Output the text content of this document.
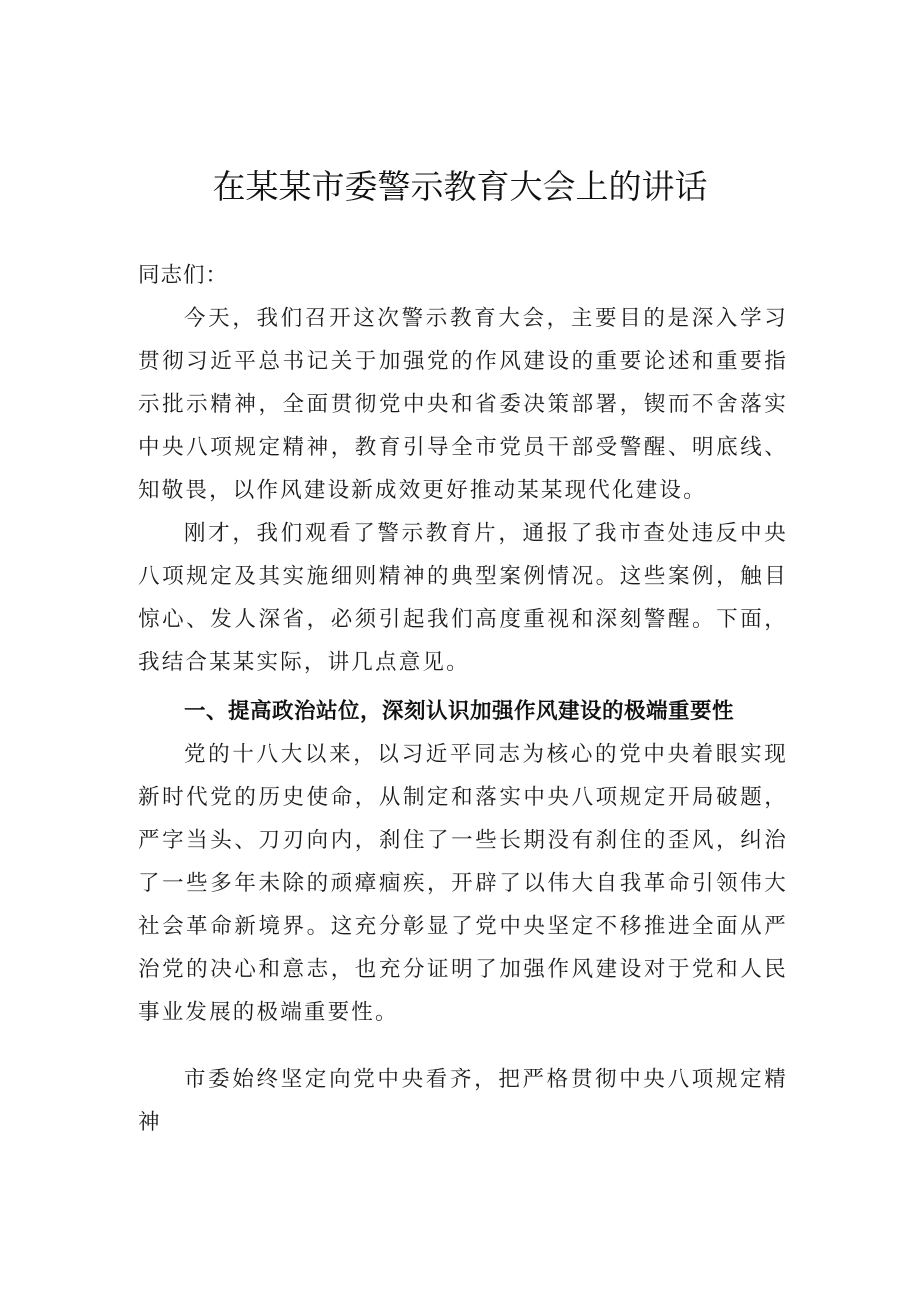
在某某市委警示教育大会上的讲话

同志们：

今天，我们召开这次警示教育大会，主要目的是深入学习贯彻习近平总书记关于加强党的作风建设的重要论述和重要指示批示精神，全面贯彻党中央和省委决策部署，锲而不舍落实中央八项规定精神，教育引导全市党员干部受警醒、明底线、知敬畏，以作风建设新成效更好推动某某现代化建设。

刚才，我们观看了警示教育片，通报了我市查处违反中央八项规定及其实施细则精神的典型案例情况。这些案例，触目惊心、发人深省，必须引起我们高度重视和深刻警醒。下面，我结合某某实际，讲几点意见。

一、提高政治站位，深刻认识加强作风建设的极端重要性

党的十八大以来，以习近平同志为核心的党中央着眼实现新时代党的历史使命，从制定和落实中央八项规定开局破题，严字当头、刀刃向内，刹住了一些长期没有刹住的歪风，纠治了一些多年未除的顽瘴痼疾，开辟了以伟大自我革命引领伟大社会革命新境界。这充分彰显了党中央坚定不移推进全面从严治党的决心和意志，也充分证明了加强作风建设对于党和人民事业发展的极端重要性。

市委始终坚定向党中央看齐，把严格贯彻中央八项规定精神
